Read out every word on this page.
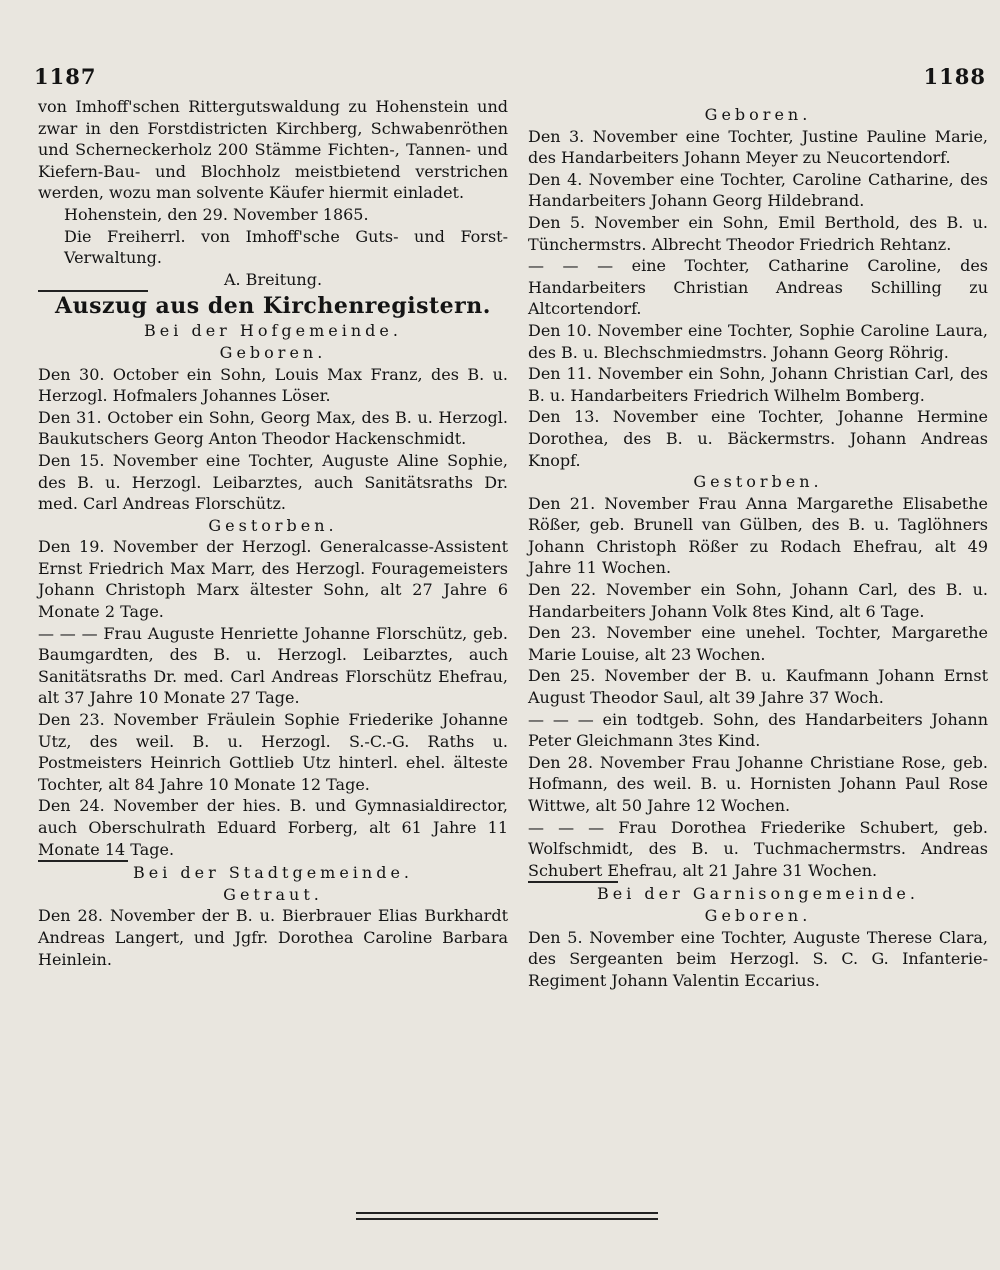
1187	1188

von Imhoff'schen Rittergutswaldung zu Hohenstein und zwar in den Forstdistricten Kirchberg, Schwabenröthen und Scherneckerholz 200 Stämme Fichten-, Tannen- und Kiefern-Bau- und Blochholz meistbietend verstrichen werden, wozu man solvente Käufer hiermit einladet.

Hohenstein, den 29. November 1865.

Die Freiherrl. von Imhoff'sche Guts- und Forst-Verwaltung.

A. Breitung.

Auszug aus den Kirchenregistern.
Bei der Hofgemeinde.
Geboren.

Den 30. October ein Sohn, Louis Max Franz, des B. u. Herzogl. Hofmalers Johannes Löser.

Den 31. October ein Sohn, Georg Max, des B. u. Herzogl. Baukutschers Georg Anton Theodor Hackenschmidt.

Den 15. November eine Tochter, Auguste Aline Sophie, des B. u. Herzogl. Leibarztes, auch Sanitätsraths Dr. med. Carl Andreas Florschütz.

Gestorben.

Den 19. November der Herzogl. Generalcasse-Assistent Ernst Friedrich Max Marr, des Herzogl. Fouragemeisters Johann Christoph Marx ältester Sohn, alt 27 Jahre 6 Monate 2 Tage.

— — — Frau Auguste Henriette Johanne Florschütz, geb. Baumgardten, des B. u. Herzogl. Leibarztes, auch Sanitätsraths Dr. med. Carl Andreas Florschütz Ehefrau, alt 37 Jahre 10 Monate 27 Tage.

Den 23. November Fräulein Sophie Friederike Johanne Utz, des weil. B. u. Herzogl. S.-C.-G. Raths u. Postmeisters Heinrich Gottlieb Utz hinterl. ehel. älteste Tochter, alt 84 Jahre 10 Monate 12 Tage.

Den 24. November der hies. B. und Gymnasialdirector, auch Oberschulrath Eduard Forberg, alt 61 Jahre 11 Monate 14 Tage.

Bei der Stadtgemeinde.
Getraut.

Den 28. November der B. u. Bierbrauer Elias Burkhardt Andreas Langert, und Jgfr. Dorothea Caroline Barbara Heinlein.

Geboren.

Den 3. November eine Tochter, Justine Pauline Marie, des Handarbeiters Johann Meyer zu Neucortendorf.

Den 4. November eine Tochter, Caroline Catharine, des Handarbeiters Johann Georg Hildebrand.

Den 5. November ein Sohn, Emil Berthold, des B. u. Tünchermstrs. Albrecht Theodor Friedrich Rehtanz.

— — — eine Tochter, Catharine Caroline, des Handarbeiters Christian Andreas Schilling zu Altcortendorf.

Den 10. November eine Tochter, Sophie Caroline Laura, des B. u. Blechschmiedmstrs. Johann Georg Röhrig.

Den 11. November ein Sohn, Johann Christian Carl, des B. u. Handarbeiters Friedrich Wilhelm Bomberg.

Den 13. November eine Tochter, Johanne Hermine Dorothea, des B. u. Bäckermstrs. Johann Andreas Knopf.

Gestorben.

Den 21. November Frau Anna Margarethe Elisabethe Rößer, geb. Brunell van Gülben, des B. u. Taglöhners Johann Christoph Rößer zu Rodach Ehefrau, alt 49 Jahre 11 Wochen.

Den 22. November ein Sohn, Johann Carl, des B. u. Handarbeiters Johann Volk 8tes Kind, alt 6 Tage.

Den 23. November eine unehel. Tochter, Margarethe Marie Louise, alt 23 Wochen.

Den 25. November der B. u. Kaufmann Johann Ernst August Theodor Saul, alt 39 Jahre 37 Woch.

— — — ein todtgeb. Sohn, des Handarbeiters Johann Peter Gleichmann 3tes Kind.

Den 28. November Frau Johanne Christiane Rose, geb. Hofmann, des weil. B. u. Hornisten Johann Paul Rose Wittwe, alt 50 Jahre 12 Wochen.

— — — Frau Dorothea Friederike Schubert, geb. Wolfschmidt, des B. u. Tuchmachermstrs. Andreas Schubert Ehefrau, alt 21 Jahre 31 Wochen.

Bei der Garnisongemeinde.
Geboren.

Den 5. November eine Tochter, Auguste Therese Clara, des Sergeanten beim Herzogl. S. C. G. Infanterie-Regiment Johann Valentin Eccarius.
